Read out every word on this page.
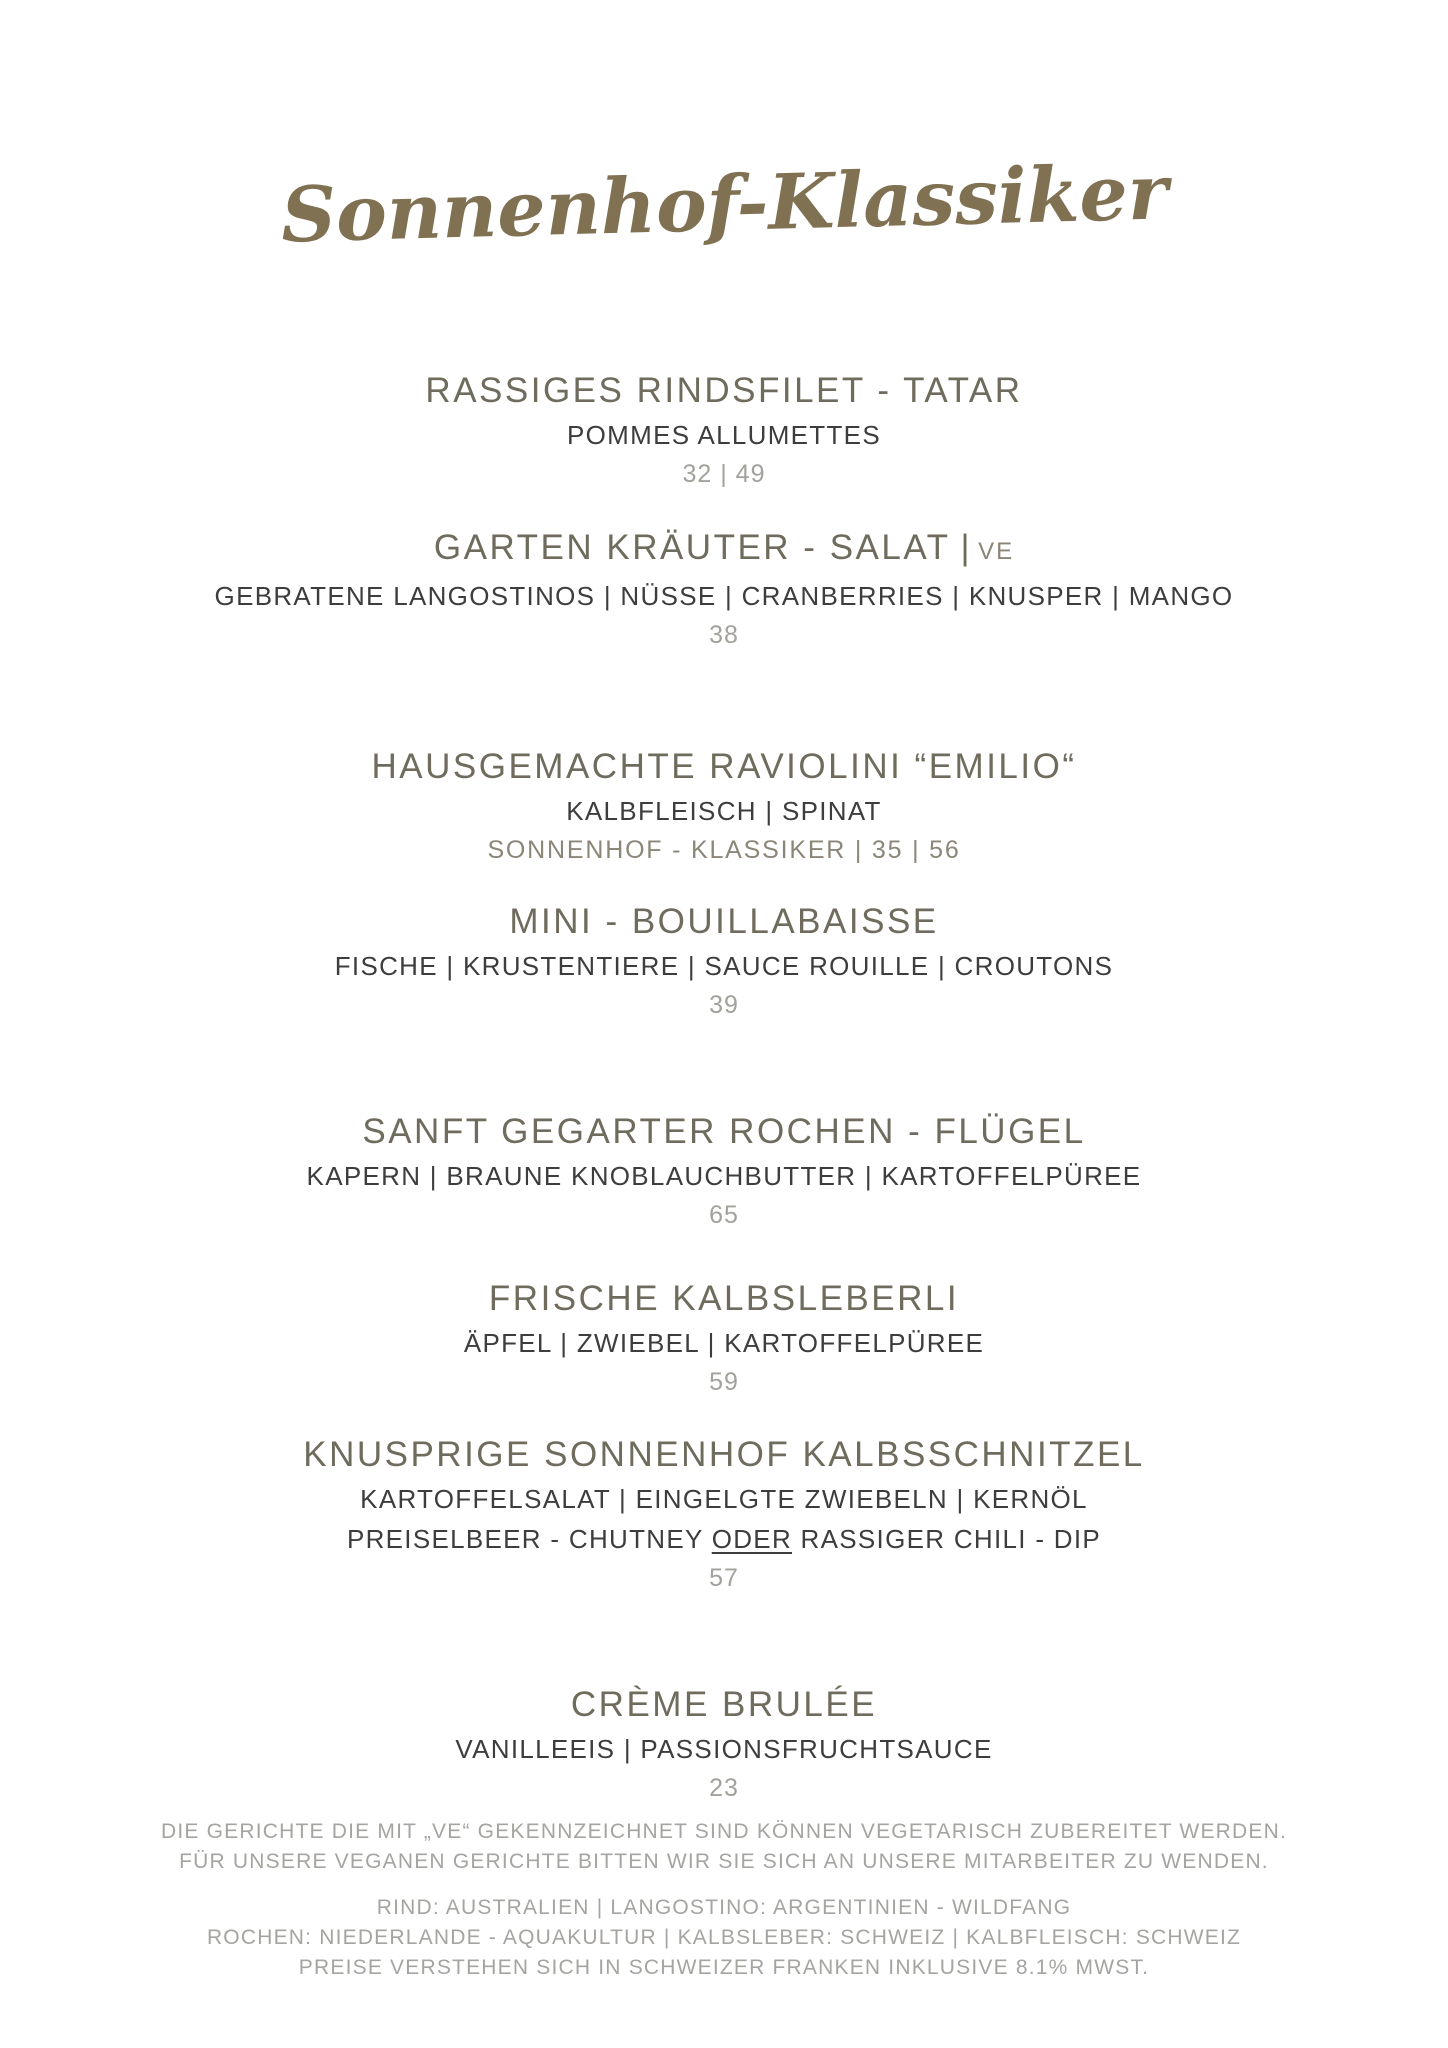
Sonnenhof-Klassiker
RASSIGES RINDSFILET - TATAR
POMMES ALLUMETTES
32 | 49
GARTEN KRÄUTER - SALAT | VE
GEBRATENE LANGOSTINOS | NÜSSE | CRANBERRIES | KNUSPER | MANGO
38
HAUSGEMACHTE RAVIOLINI “EMILIO“
KALBFLEISCH | SPINAT
SONNENHOF - KLASSIKER | 35 | 56
MINI - BOUILLABAISSE
FISCHE | KRUSTENTIERE | SAUCE ROUILLE | CROUTONS
39
SANFT GEGARTER ROCHEN - FLÜGEL
KAPERN | BRAUNE KNOBLAUCHBUTTER | KARTOFFELPÜREE
65
FRISCHE KALBSLEBERLI
ÄPFEL | ZWIEBEL | KARTOFFELPÜREE
59
KNUSPRIGE SONNENHOF KALBSSCHNITZEL
KARTOFFELSALAT | EINGELGTE ZWIEBELN | KERNÖL
PREISELBEER - CHUTNEY ODER RASSIGER CHILI - DIP
57
CRÈME BRULÉE
VANILLEEIS | PASSIONSFRUCHTSAUCE
23
DIE GERICHTE DIE MIT „VE“ GEKENNZEICHNET SIND KÖNNEN VEGETARISCH ZUBEREITET WERDEN.
FÜR UNSERE VEGANEN GERICHTE BITTEN WIR SIE SICH AN UNSERE MITARBEITER ZU WENDEN.
RIND: AUSTRALIEN | LANGOSTINO: ARGENTINIEN - WILDFANG
ROCHEN: NIEDERLANDE - AQUAKULTUR | KALBSLEBER: SCHWEIZ | KALBFLEISCH: SCHWEIZ
PREISE VERSTEHEN SICH IN SCHWEIZER FRANKEN INKLUSIVE 8.1% MWST.
